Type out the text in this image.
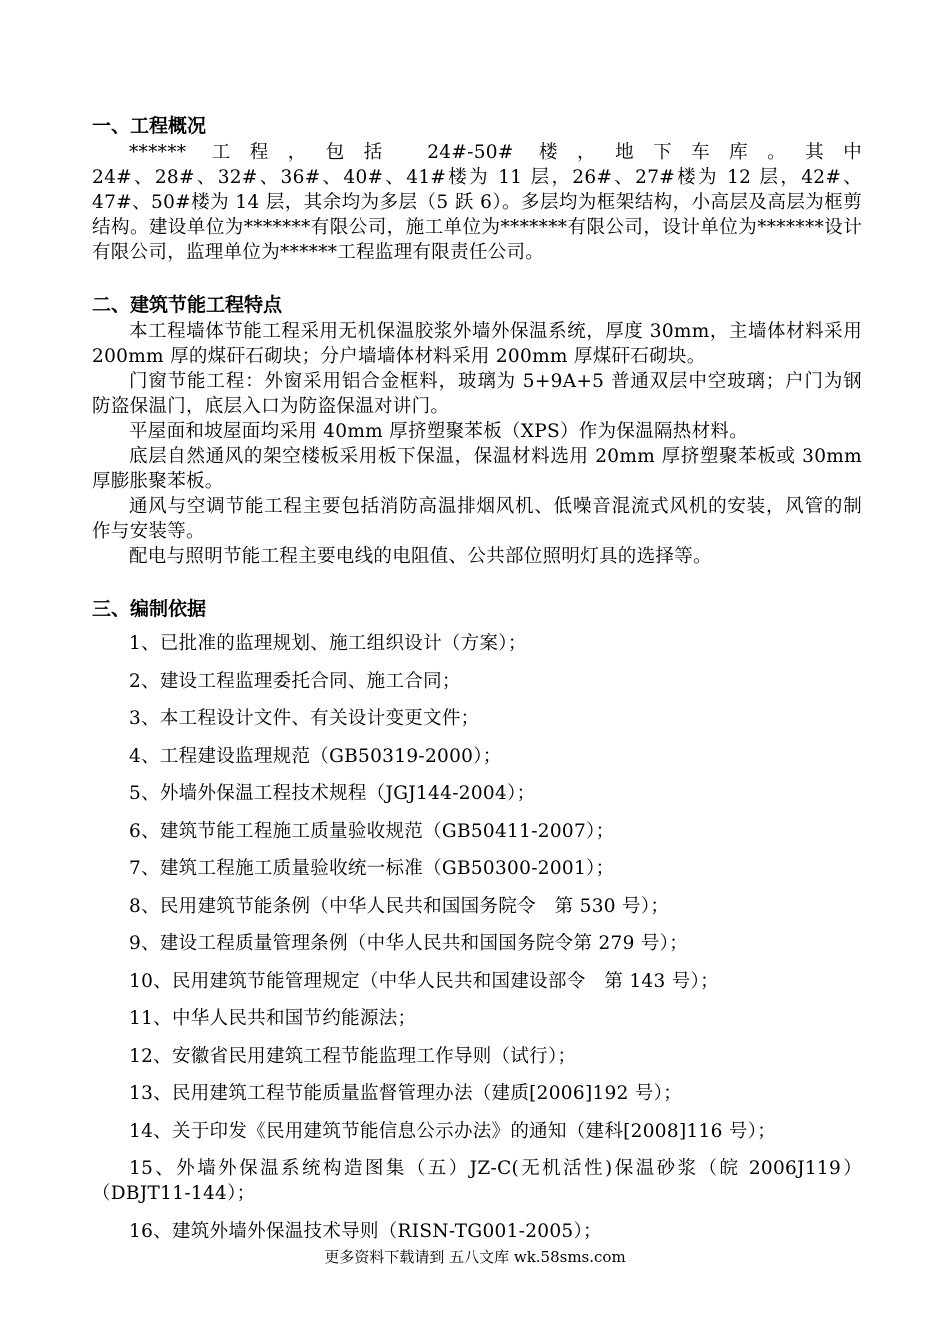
一、工程概况

****** 工程，包括 24#-50# 楼，地下车库。其中

24#、28#、32#、36#、40#、41#楼为 11 层，26#、27#楼为 12 层，42#、47#、50#楼为 14 层，其余均为多层（5 跃 6）。多层均为框架结构，小高层及高层为框剪结构。建设单位为*******有限公司，施工单位为*******有限公司，设计单位为*******设计有限公司，监理单位为******工程监理有限责任公司。

二、建筑节能工程特点

本工程墙体节能工程采用无机保温胶浆外墙外保温系统，厚度 30mm，主墙体材料采用 200mm 厚的煤矸石砌块；分户墙墙体材料采用 200mm 厚煤矸石砌块。

门窗节能工程：外窗采用铝合金框料，玻璃为 5+9A+5 普通双层中空玻璃；户门为钢防盗保温门，底层入口为防盗保温对讲门。

平屋面和坡屋面均采用 40mm 厚挤塑聚苯板（XPS）作为保温隔热材料。

底层自然通风的架空楼板采用板下保温，保温材料选用 20mm 厚挤塑聚苯板或 30mm 厚膨胀聚苯板。

通风与空调节能工程主要包括消防高温排烟风机、低噪音混流式风机的安装，风管的制作与安装等。

配电与照明节能工程主要电线的电阻值、公共部位照明灯具的选择等。

三、编制依据
1、已批准的监理规划、施工组织设计（方案）；
2、建设工程监理委托合同、施工合同；
3、本工程设计文件、有关设计变更文件；
4、工程建设监理规范（GB50319-2000）；
5、外墙外保温工程技术规程（JGJ144-2004）；
6、建筑节能工程施工质量验收规范（GB50411-2007）；
7、建筑工程施工质量验收统一标准（GB50300-2001）；
8、民用建筑节能条例（中华人民共和国国务院令　第 530 号）；
9、建设工程质量管理条例（中华人民共和国国务院令第 279 号）；
10、民用建筑节能管理规定（中华人民共和国建设部令　第 143 号）；
11、中华人民共和国节约能源法；
12、安徽省民用建筑工程节能监理工作导则（试行）；
13、民用建筑工程节能质量监督管理办法（建质[2006]192 号）；
14、关于印发《民用建筑节能信息公示办法》的通知（建科[2008]116 号）；
15、外墙外保温系统构造图集（五）JZ-C(无机活性)保温砂浆（皖 2006J119）（DBJT11-144）；
16、建筑外墙外保温技术导则（RISN-TG001-2005）；
更多资料下载请到 五八文库 wk.58sms.com
